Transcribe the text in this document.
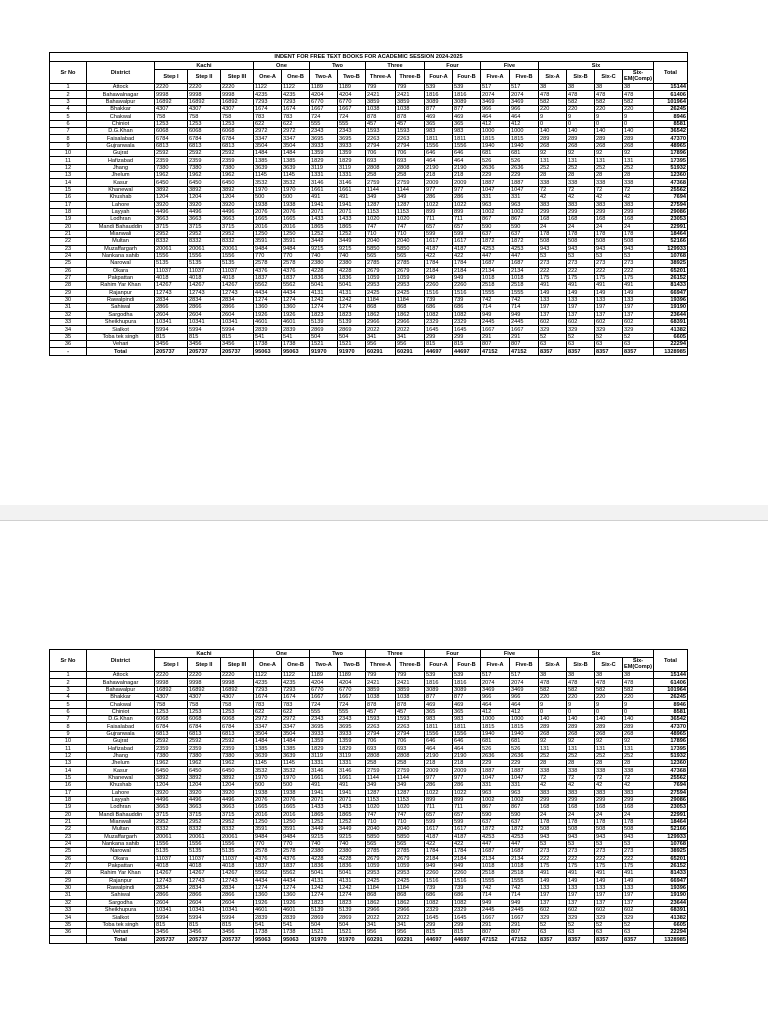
INDENT FOR FREE TEXT BOOKS FOR ACADEMIC SESSION 2024-2025																			
Sr No	District	Kachi			One		Two		Three		Four		Five		Six				Total
		Step I	Step II	Step III	One-A	One-B	Two-A	Two-B	Three-A	Three-B	Four-A	Four-B	Five-A	Five-B	Six-A	Six-B	Six-C	Six-EM(Comp)	
1	Attock	2220	2220	2220	1122	1122	1189	1189	799	799	539	539	517	517	38	38	38	38	15144
2	Bahawalnagar	9998	9998	9998	4235	4235	4204	4204	2421	2421	1816	1816	2074	2074	478	478	478	478	61406
3	Bahawalpur	16892	16892	16892	7293	7293	6770	6770	3859	3859	3089	3089	3469	3469	582	582	582	582	101964
4	Bhakkar	4307	4307	4307	1674	1674	1667	1667	1038	1038	877	877	966	966	220	220	220	220	26245
5	Chakwal	758	758	758	783	783	724	724	878	878	469	469	464	464	9	9	9	9	8946
6	Chiniot	1253	1253	1253	622	622	555	555	457	457	365	365	412	412	0	0	0	0	8581
7	D.G.Khan	6068	6068	6068	2972	2972	2343	2343	1593	1593	983	983	1000	1000	140	140	140	140	36542
8	Faisalabad	6784	6784	6784	3347	3347	3695	3695	2263	2263	1811	1811	1815	1815	289	289	289	289	47370
9	Gujranwala	6813	6813	6813	3504	3504	3933	3933	2794	2794	1556	1556	1940	1940	268	268	268	268	48965
10	Gujrat	2592	2592	2592	1484	1484	1359	1359	706	706	646	646	681	681	92	92	92	92	17896
11	Hafizabad	2359	2359	2359	1385	1385	1829	1829	693	693	464	464	526	526	131	131	131	131	17395
12	Jhang	7380	7380	7380	3639	3639	3119	3119	2808	2808	2190	2190	2636	2636	252	252	252	252	51932
13	Jhelum	1962	1962	1962	1145	1145	1331	1331	258	258	218	218	229	229	28	28	28	28	12360
14	Kasur	6450	6450	6450	3532	3532	3146	3146	2759	2759	2009	2009	1887	1887	338	338	338	338	47368
15	Khanewal	3892	3892	3892	1970	1970	1661	1661	1144	1144	977	977	1047	1047	72	72	72	72	25562
16	Khushab	1204	1204	1204	500	500	491	491	349	349	286	286	331	331	42	42	42	42	7694
17	Lahore	3920	3920	3920	1938	1938	1941	1941	1287	1287	1022	1022	963	963	383	383	383	383	27594
18	Layyah	4496	4496	4496	2076	2076	2071	2071	1153	1153	899	899	1002	1002	299	299	299	299	29086
19	Lodhran	3663	3663	3663	1665	1665	1433	1433	1020	1020	711	711	867	867	168	168	168	168	23053
20	Mandi Bahauddin	3715	3715	3715	2016	2016	1865	1865	747	747	657	657	590	590	24	24	24	24	22991
21	Mianwali	2952	2952	2952	1250	1250	1252	1252	710	710	599	599	637	637	178	178	178	178	18464
22	Multan	8332	8332	8332	3591	3591	3449	3449	2040	2040	1617	1617	1872	1872	508	508	508	508	52166
23	Muzaffargarh	20061	20061	20061	9484	9484	9215	9215	5850	5850	4187	4187	4253	4253	943	943	943	943	129933
24	Nankana sahib	1556	1556	1556	770	770	740	740	565	565	422	422	447	447	53	53	53	53	10768
25	Narowal	5135	5135	5135	2578	2578	2380	2380	2785	2785	1784	1784	1687	1687	273	273	273	273	38925
26	Okara	11037	11037	11037	4376	4376	4228	4228	2679	2679	2184	2184	2134	2134	222	222	222	222	65201
27	Pakpattan	4018	4018	4018	1837	1837	1836	1836	1059	1059	949	949	1018	1018	175	175	175	175	26152
28	Rahim Yar Khan	14267	14267	14267	5562	5562	5041	5041	2953	2953	2260	2260	2518	2518	491	491	491	491	81433
29	Rajanpur	12743	12743	12743	4434	4434	4131	4131	2425	2425	1516	1516	1555	1555	149	149	149	149	66947
30	Rawalpindi	2834	2834	2834	1274	1274	1242	1242	1184	1184	739	739	742	742	133	133	133	133	19396
31	Sahiwal	2866	2866	2866	1360	1360	1274	1274	868	868	686	686	714	714	197	197	197	197	19190
32	Sargodha	2604	2604	2604	1926	1926	1823	1823	1862	1862	1082	1082	949	949	137	137	137	137	23644
33	Sheikhupura	10341	10341	10341	4601	4601	5139	5139	2966	2966	2329	2329	2445	2445	602	602	602	602	68391
34	Sialkot	5994	5994	5994	2839	2839	2869	2869	2022	2022	1645	1645	1667	1667	329	329	329	329	41382
35	Toba tek singh	815	815	815	541	541	504	504	341	341	299	299	291	291	52	52	52	52	6605
36	Vehari	3456	3456	3456	1738	1738	1521	1521	956	956	815	815	807	807	63	63	63	63	22294
-	Total	205737	205737	205737	95063	95063	91970	91970	60291	60291	44697	44697	47152	47152	8357	8357	8357	8357	1328985
Sr No	District	Kachi			One		Two		Three		Four		Five		Six				Total
		Step I	Step II	Step III	One-A	One-B	Two-A	Two-B	Three-A	Three-B	Four-A	Four-B	Five-A	Five-B	Six-A	Six-B	Six-C	Six-EM(Comp)	
1	Attock	2220	2220	2220	1122	1122	1189	1189	799	799	539	539	517	517	38	38	38	38	15144
2	Bahawalnagar	9998	9998	9998	4235	4235	4204	4204	2421	2421	1816	1816	2074	2074	478	478	478	478	61406
3	Bahawalpur	16892	16892	16892	7293	7293	6770	6770	3859	3859	3089	3089	3469	3469	582	582	582	582	101964
4	Bhakkar	4307	4307	4307	1674	1674	1667	1667	1038	1038	877	877	966	966	220	220	220	220	26245
5	Chakwal	758	758	758	783	783	724	724	878	878	469	469	464	464	9	9	9	9	8946
6	Chiniot	1253	1253	1253	622	622	555	555	457	457	365	365	412	412	0	0	0	0	8581
7	D.G.Khan	6068	6068	6068	2972	2972	2343	2343	1593	1593	983	983	1000	1000	140	140	140	140	36542
8	Faisalabad	6784	6784	6784	3347	3347	3695	3695	2263	2263	1811	1811	1815	1815	289	289	289	289	47370
9	Gujranwala	6813	6813	6813	3504	3504	3933	3933	2794	2794	1556	1556	1940	1940	268	268	268	268	48965
10	Gujrat	2592	2592	2592	1484	1484	1359	1359	706	706	646	646	681	681	92	92	92	92	17896
11	Hafizabad	2359	2359	2359	1385	1385	1829	1829	693	693	464	464	526	526	131	131	131	131	17395
12	Jhang	7380	7380	7380	3639	3639	3119	3119	2808	2808	2190	2190	2636	2636	252	252	252	252	51932
13	Jhelum	1962	1962	1962	1145	1145	1331	1331	258	258	218	218	229	229	28	28	28	28	12360
14	Kasur	6450	6450	6450	3532	3532	3146	3146	2759	2759	2009	2009	1887	1887	338	338	338	338	47368
15	Khanewal	3892	3892	3892	1970	1970	1661	1661	1144	1144	977	977	1047	1047	72	72	72	72	25562
16	Khushab	1204	1204	1204	500	500	491	491	349	349	286	286	331	331	42	42	42	42	7694
17	Lahore	3920	3920	3920	1938	1938	1941	1941	1287	1287	1022	1022	963	963	383	383	383	383	27594
18	Layyah	4496	4496	4496	2076	2076	2071	2071	1153	1153	899	899	1002	1002	299	299	299	299	29086
19	Lodhran	3663	3663	3663	1665	1665	1433	1433	1020	1020	711	711	867	867	168	168	168	168	23053
20	Mandi Bahauddin	3715	3715	3715	2016	2016	1865	1865	747	747	657	657	590	590	24	24	24	24	22991
21	Mianwali	2952	2952	2952	1250	1250	1252	1252	710	710	599	599	637	637	178	178	178	178	18464
22	Multan	8332	8332	8332	3591	3591	3449	3449	2040	2040	1617	1617	1872	1872	508	508	508	508	52166
23	Muzaffargarh	20061	20061	20061	9484	9484	9215	9215	5850	5850	4187	4187	4253	4253	943	943	943	943	129933
24	Nankana sahib	1556	1556	1556	770	770	740	740	565	565	422	422	447	447	53	53	53	53	10768
25	Narowal	5135	5135	5135	2578	2578	2380	2380	2785	2785	1784	1784	1687	1687	273	273	273	273	38925
26	Okara	11037	11037	11037	4376	4376	4228	4228	2679	2679	2184	2184	2134	2134	222	222	222	222	65201
27	Pakpattan	4018	4018	4018	1837	1837	1836	1836	1059	1059	949	949	1018	1018	175	175	175	175	26152
28	Rahim Yar Khan	14267	14267	14267	5562	5562	5041	5041	2953	2953	2260	2260	2518	2518	491	491	491	491	81433
29	Rajanpur	12743	12743	12743	4434	4434	4131	4131	2425	2425	1516	1516	1555	1555	149	149	149	149	66947
30	Rawalpindi	2834	2834	2834	1274	1274	1242	1242	1184	1184	739	739	742	742	133	133	133	133	19396
31	Sahiwal	2866	2866	2866	1360	1360	1274	1274	868	868	686	686	714	714	197	197	197	197	19190
32	Sargodha	2604	2604	2604	1926	1926	1823	1823	1862	1862	1082	1082	949	949	137	137	137	137	23644
33	Sheikhupura	10341	10341	10341	4601	4601	5139	5139	2966	2966	2329	2329	2445	2445	602	602	602	602	68391
34	Sialkot	5994	5994	5994	2839	2839	2869	2869	2022	2022	1645	1645	1667	1667	329	329	329	329	41382
35	Toba tek singh	815	815	815	541	541	504	504	341	341	299	299	291	291	52	52	52	52	6605
36	Vehari	3456	3456	3456	1738	1738	1521	1521	956	956	815	815	807	807	63	63	63	63	22294
	Total	205737	205737	205737	95063	95063	91970	91970	60291	60291	44697	44697	47152	47152	8357	8357	8357	8357	1328985
